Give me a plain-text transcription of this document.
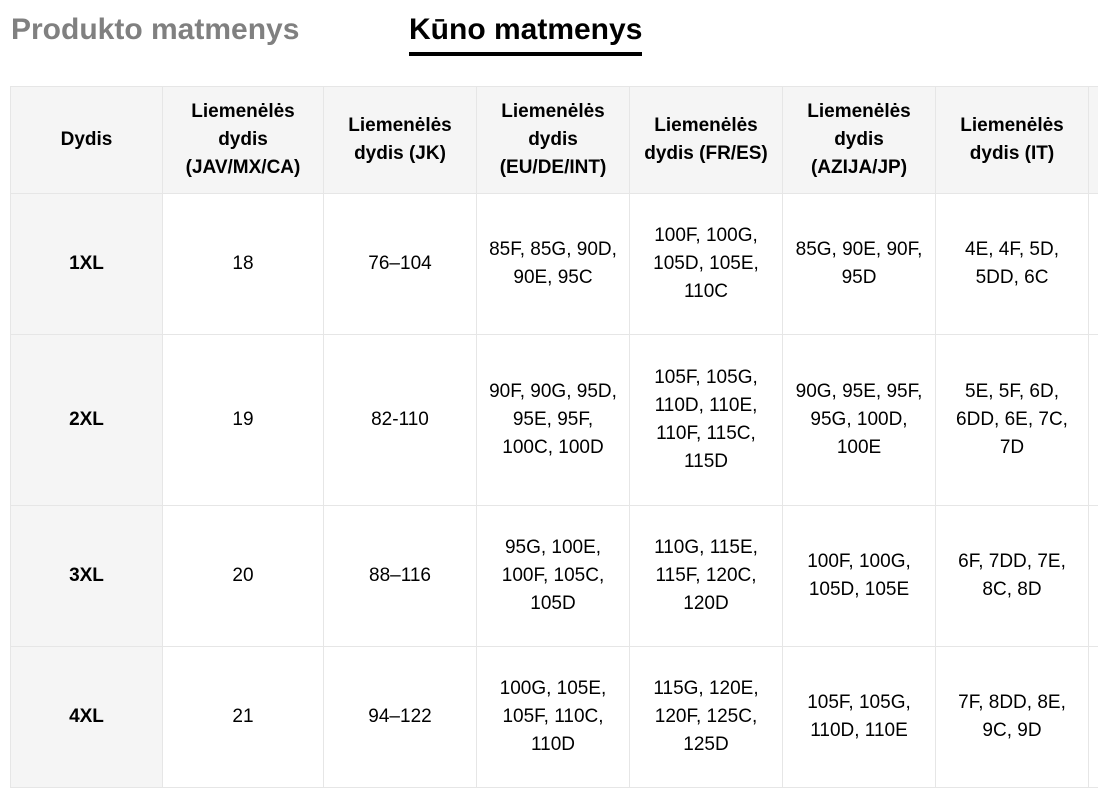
Produkto matmenys	Kūno matmenys
Dydis	Liemenėlės dydis (JAV/MX/CA)	Liemenėlės dydis (JK)	Liemenėlės dydis (EU/DE/INT)	Liemenėlės dydis (FR/ES)	Liemenėlės dydis (AZIJA/JP)	Liemenėlės dydis (IT)	
1XL	18	76–104	85F, 85G, 90D, 90E, 95C	100F, 100G, 105D, 105E, 110C	85G, 90E, 90F, 95D	4E, 4F, 5D, 5DD, 6C	
2XL	19	82-110	90F, 90G, 95D, 95E, 95F, 100C, 100D	105F, 105G, 110D, 110E, 110F, 115C, 115D	90G, 95E, 95F, 95G, 100D, 100E	5E, 5F, 6D, 6DD, 6E, 7C, 7D	
3XL	20	88–116	95G, 100E, 100F, 105C, 105D	110G, 115E, 115F, 120C, 120D	100F, 100G, 105D, 105E	6F, 7DD, 7E, 8C, 8D	
4XL	21	94–122	100G, 105E, 105F, 110C, 110D	115G, 120E, 120F, 125C, 125D	105F, 105G, 110D, 110E	7F, 8DD, 8E, 9C, 9D	
